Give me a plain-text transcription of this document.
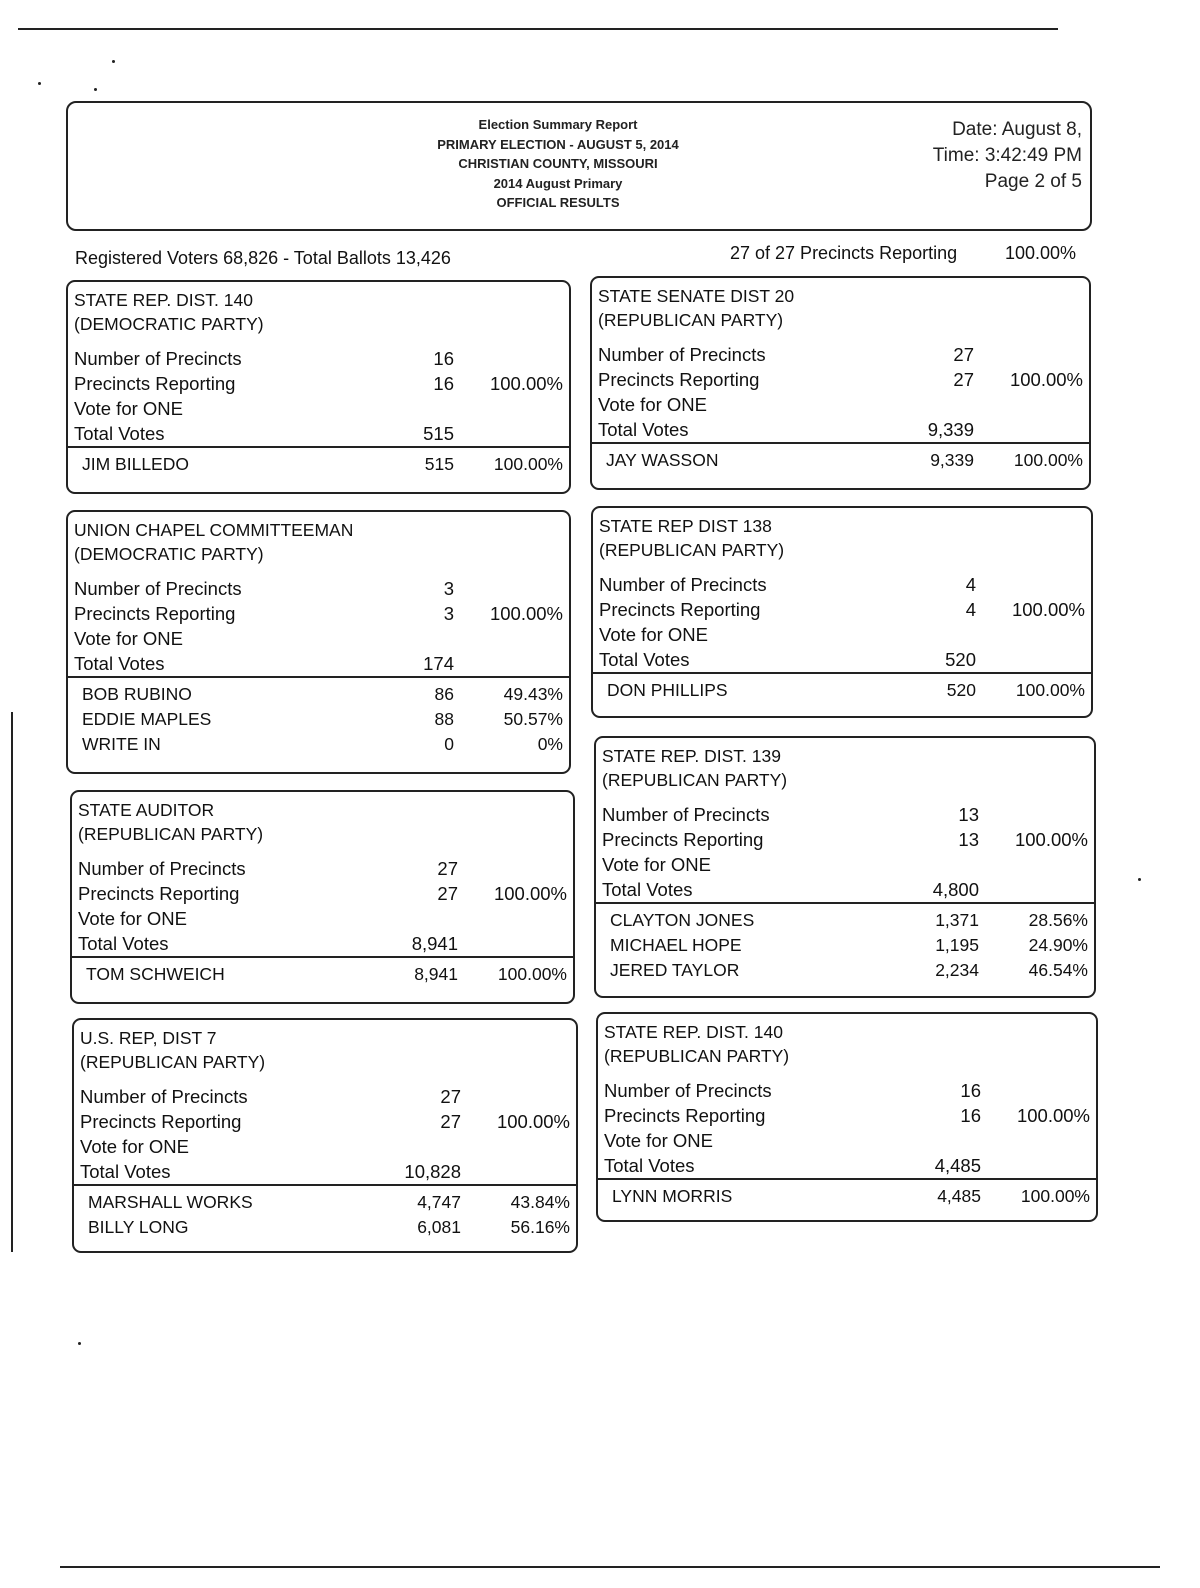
Election Summary Report
PRIMARY ELECTION - AUGUST 5, 2014
CHRISTIAN COUNTY, MISSOURI
2014 August Primary
OFFICIAL RESULTS
Date: August 8,
Time: 3:42:49 PM
Page 2 of 5
Registered Voters 68,826 - Total Ballots 13,426	27 of 27 Precincts Reporting	100.00%
STATE REP. DIST. 140
(DEMOCRATIC PARTY)
Number of Precincts	16
Precincts Reporting	16 100.00%
Vote for ONE
Total Votes	515
JIM BILLEDO	515 100.00%
UNION CHAPEL COMMITTEEMAN
(DEMOCRATIC PARTY)
Number of Precincts	3
Precincts Reporting	3 100.00%
Vote for ONE
Total Votes	174
BOB RUBINO	86	49.43%
EDDIE MAPLES	88	50.57%
WRITE IN	0	0%
STATE AUDITOR
(REPUBLICAN PARTY)
Number of Precincts	27
Precincts Reporting	27 100.00%
Vote for ONE
Total Votes	8,941
TOM SCHWEICH	8,941 100.00%
U.S. REP, DIST 7
(REPUBLICAN PARTY)
Number of Precincts	27
Precincts Reporting	27 100.00%
Vote for ONE
Total Votes	10,828
MARSHALL WORKS	4,747	43.84%
BILLY LONG	6,081	56.16%
STATE SENATE DIST 20
(REPUBLICAN PARTY)
Number of Precincts	27
Precincts Reporting	27 100.00%
Vote for ONE
Total Votes	9,339
JAY WASSON	9,339 100.00%
STATE REP DIST 138
(REPUBLICAN PARTY)
Number of Precincts	4
Precincts Reporting	4 100.00%
Vote for ONE
Total Votes	520
DON PHILLIPS	520 100.00%
STATE REP. DIST. 139
(REPUBLICAN PARTY)
Number of Precincts	13
Precincts Reporting	13 100.00%
Vote for ONE
Total Votes	4,800
CLAYTON JONES	1,371	28.56%
MICHAEL HOPE	1,195	24.90%
JERED TAYLOR	2,234	46.54%
STATE REP. DIST. 140
(REPUBLICAN PARTY)
Number of Precincts	16
Precincts Reporting	16 100.00%
Vote for ONE
Total Votes	4,485
LYNN MORRIS	4,485 100.00%
